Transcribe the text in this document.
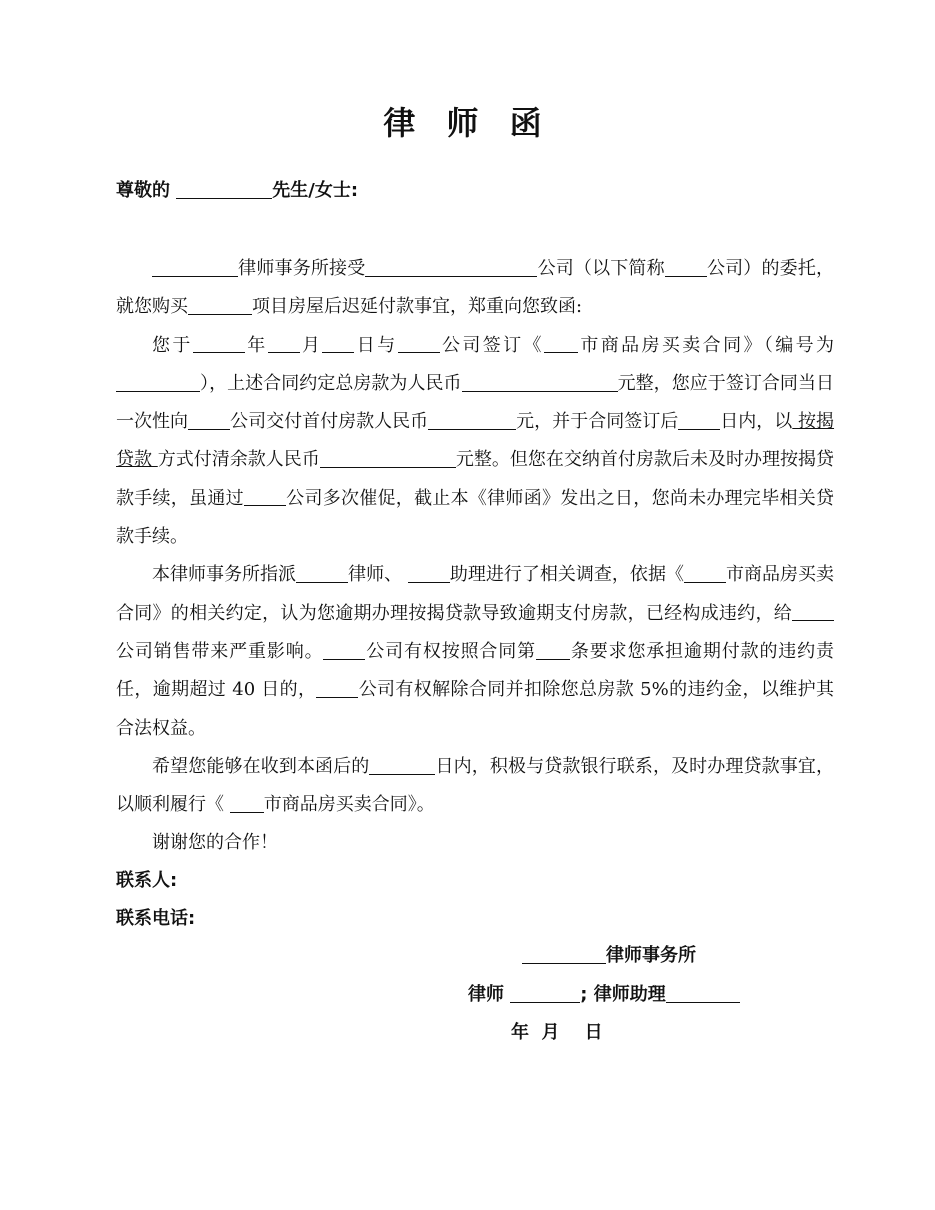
律 师 函
尊敬的	先生/女士:

律师事务所接受	公司（以下简称 公司）的委托，就您购买	项目房屋后迟延付款事宜，郑重向您致函:

您于	年 月 日与 公司签订《 市商品房买卖合同》（编号为），上述合同约定总房款为人民币	元整，您应于签订合同当日一次性向 公司交付首付房款人民币	元，并于合同签订后 日内，以 按揭贷款 方式付清余款人民币	元整。但您在交纳首付房款后未及时办理按揭贷款手续，虽通过 公司多次催促，截止本《律师函》发出之日，您尚未办理完毕相关贷款手续。

本律师事务所指派	律师、 助理进行了相关调查，依据《 市商品房买卖合同》的相关约定，认为您逾期办理按揭贷款导致逾期支付房款，已经构成违约，给公司销售带来严重影响。 公司有权按照合同第 条要求您承担逾期付款的违约责任，逾期超过 40 日的， 公司有权解除合同并扣除您总房款 5%的违约金，以维护其合法权益。

希望您能够在收到本函后的	日内，积极与贷款银行联系，及时办理贷款事宜，以顺利履行《 市商品房买卖合同》。

谢谢您的合作！

联系人:
联系电话:
律师事务所
律师	; 律师助理
年  月    日
